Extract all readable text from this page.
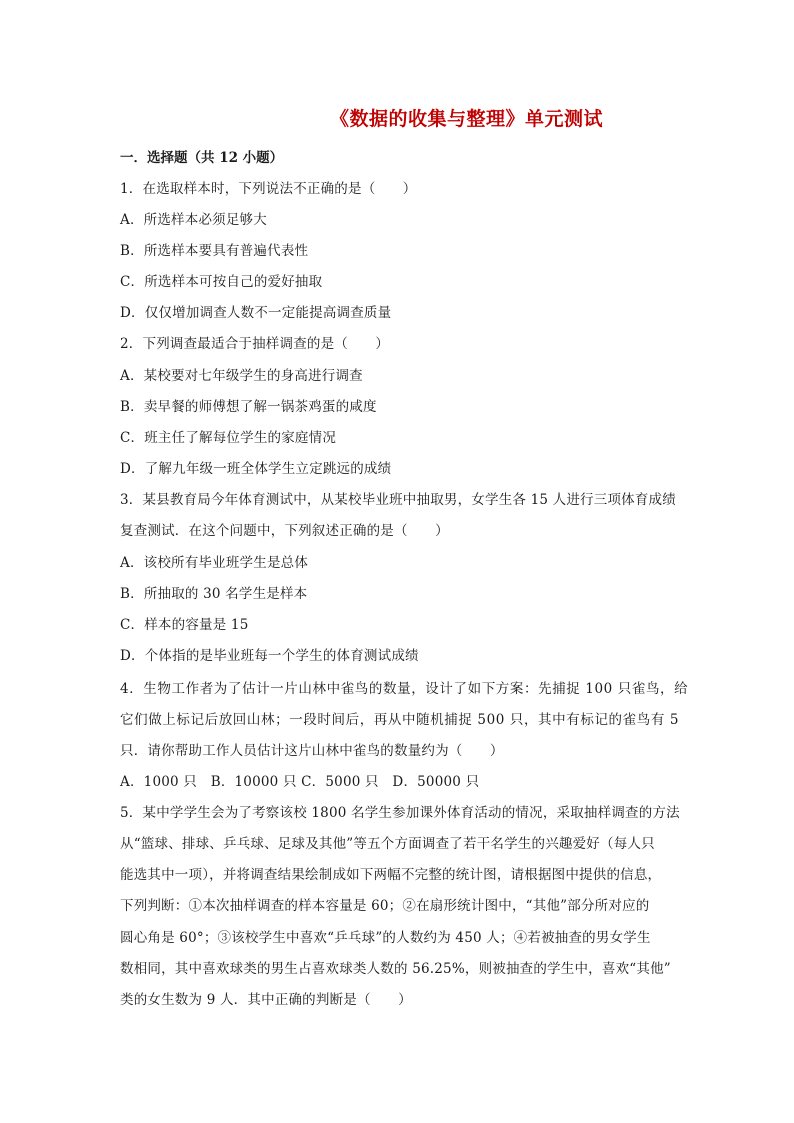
《数据的收集与整理》单元测试
一．选择题（共 12 小题）
1．在选取样本时，下列说法不正确的是（　　）
A．所选样本必须足够大
B．所选样本要具有普遍代表性
C．所选样本可按自己的爱好抽取
D．仅仅增加调查人数不一定能提高调查质量
2．下列调查最适合于抽样调查的是（　　）
A．某校要对七年级学生的身高进行调查
B．卖早餐的师傅想了解一锅茶鸡蛋的咸度
C．班主任了解每位学生的家庭情况
D．了解九年级一班全体学生立定跳远的成绩
3．某县教育局今年体育测试中，从某校毕业班中抽取男，女学生各 15 人进行三项体育成绩
复查测试．在这个问题中，下列叙述正确的是（　　）
A．该校所有毕业班学生是总体
B．所抽取的 30 名学生是样本
C．样本的容量是 15
D．个体指的是毕业班每一个学生的体育测试成绩
4．生物工作者为了估计一片山林中雀鸟的数量，设计了如下方案：先捕捉 100 只雀鸟，给
它们做上标记后放回山林；一段时间后，再从中随机捕捉 500 只，其中有标记的雀鸟有 5
只．请你帮助工作人员估计这片山林中雀鸟的数量约为（　　）
A．1000 只　B．10000 只 C．5000 只　D．50000 只
5．某中学学生会为了考察该校 1800 名学生参加课外体育活动的情况，采取抽样调查的方法
从“篮球、排球、乒乓球、足球及其他”等五个方面调查了若干名学生的兴趣爱好（每人只
能选其中一项），并将调查结果绘制成如下两幅不完整的统计图，请根据图中提供的信息，
下列判断：①本次抽样调查的样本容量是 60；②在扇形统计图中，“其他”部分所对应的
圆心角是 60°；③该校学生中喜欢“乒乓球”的人数约为 450 人；④若被抽查的男女学生
数相同，其中喜欢球类的男生占喜欢球类人数的 56.25%，则被抽查的学生中，喜欢“其他”
类的女生数为 9 人．其中正确的判断是（　　）
